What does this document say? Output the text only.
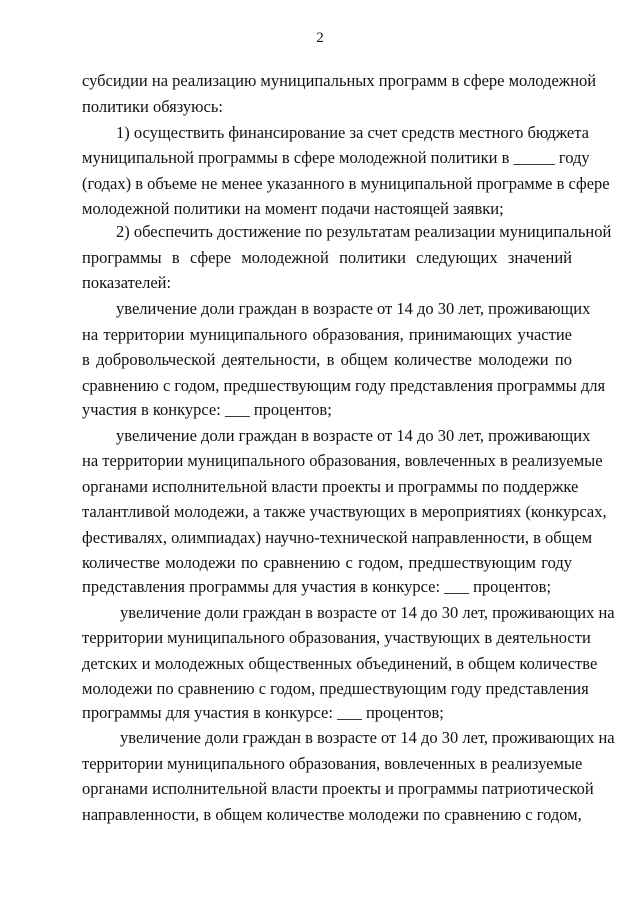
2
субсидии на реализацию муниципальных программ в сфере молодежной
политики обязуюсь:
1) осуществить финансирование за счет средств местного бюджета
муниципальной программы в сфере молодежной политики в _____ году
(годах) в объеме не менее указанного в муниципальной программе в сфере
молодежной политики на момент подачи настоящей заявки;
2) обеспечить достижение по результатам реализации муниципальной
программы в сфере молодежной политики следующих значений
показателей:
увеличение доли граждан в возрасте от 14 до 30 лет, проживающих
на территории муниципального образования, принимающих участие
в добровольческой деятельности, в общем количестве молодежи по
сравнению с годом, предшествующим году представления программы для
участия в конкурсе: ___ процентов;
увеличение доли граждан в возрасте от 14 до 30 лет, проживающих
на территории муниципального образования, вовлеченных в реализуемые
органами исполнительной власти проекты и программы по поддержке
талантливой молодежи, а также участвующих в мероприятиях (конкурсах,
фестивалях, олимпиадах) научно-технической направленности, в общем
количестве молодежи по сравнению с годом, предшествующим году
представления программы для участия в конкурсе: ___ процентов;
увеличение доли граждан в возрасте от 14 до 30 лет, проживающих на
территории муниципального образования, участвующих в деятельности
детских и молодежных общественных объединений, в общем количестве
молодежи по сравнению с годом, предшествующим году представления
программы для участия в конкурсе: ___ процентов;
увеличение доли граждан в возрасте от 14 до 30 лет, проживающих на
территории муниципального образования, вовлеченных в реализуемые
органами исполнительной власти проекты и программы патриотической
направленности, в общем количестве молодежи по сравнению с годом,
